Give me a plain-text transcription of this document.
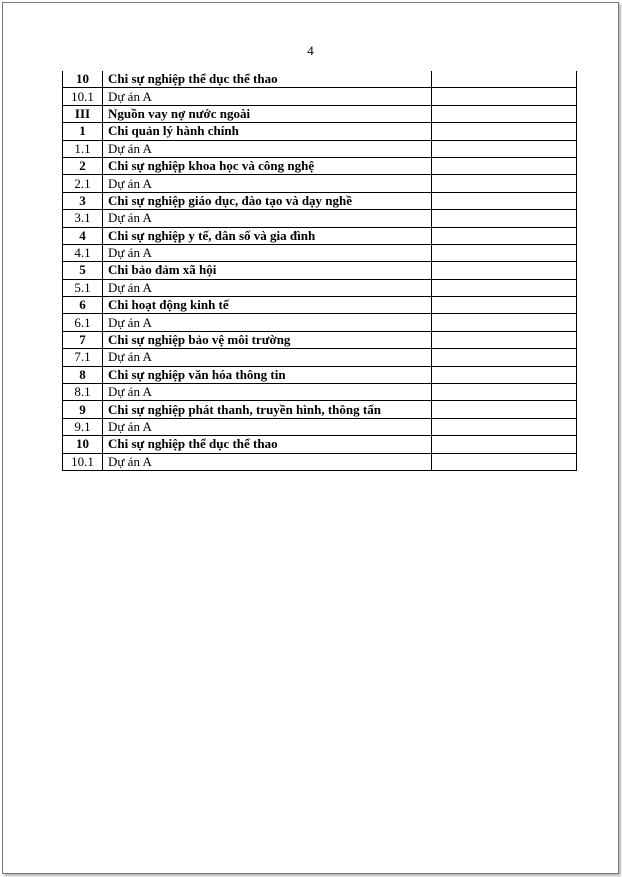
4
10	Chi sự nghiệp thể dục thể thao	
10.1	Dự án A	
III	Nguồn vay nợ nước ngoài	
1	Chi quản lý hành chính	
1.1	Dự án A	
2	Chi sự nghiệp khoa học và công nghệ	
2.1	Dự án A	
3	Chi sự nghiệp giáo dục, đào tạo và dạy nghề	
3.1	Dự án A	
4	Chi sự nghiệp y tế, dân số và gia đình	
4.1	Dự án A	
5	Chi bảo đảm xã hội	
5.1	Dự án A	
6	Chi hoạt động kinh tế	
6.1	Dự án A	
7	Chi sự nghiệp bảo vệ môi trường	
7.1	Dự án A	
8	Chi sự nghiệp văn hóa thông tin	
8.1	Dự án A	
9	Chi sự nghiệp phát thanh, truyền hình, thông tấn	
9.1	Dự án A	
10	Chi sự nghiệp thể dục thể thao	
10.1	Dự án A	
